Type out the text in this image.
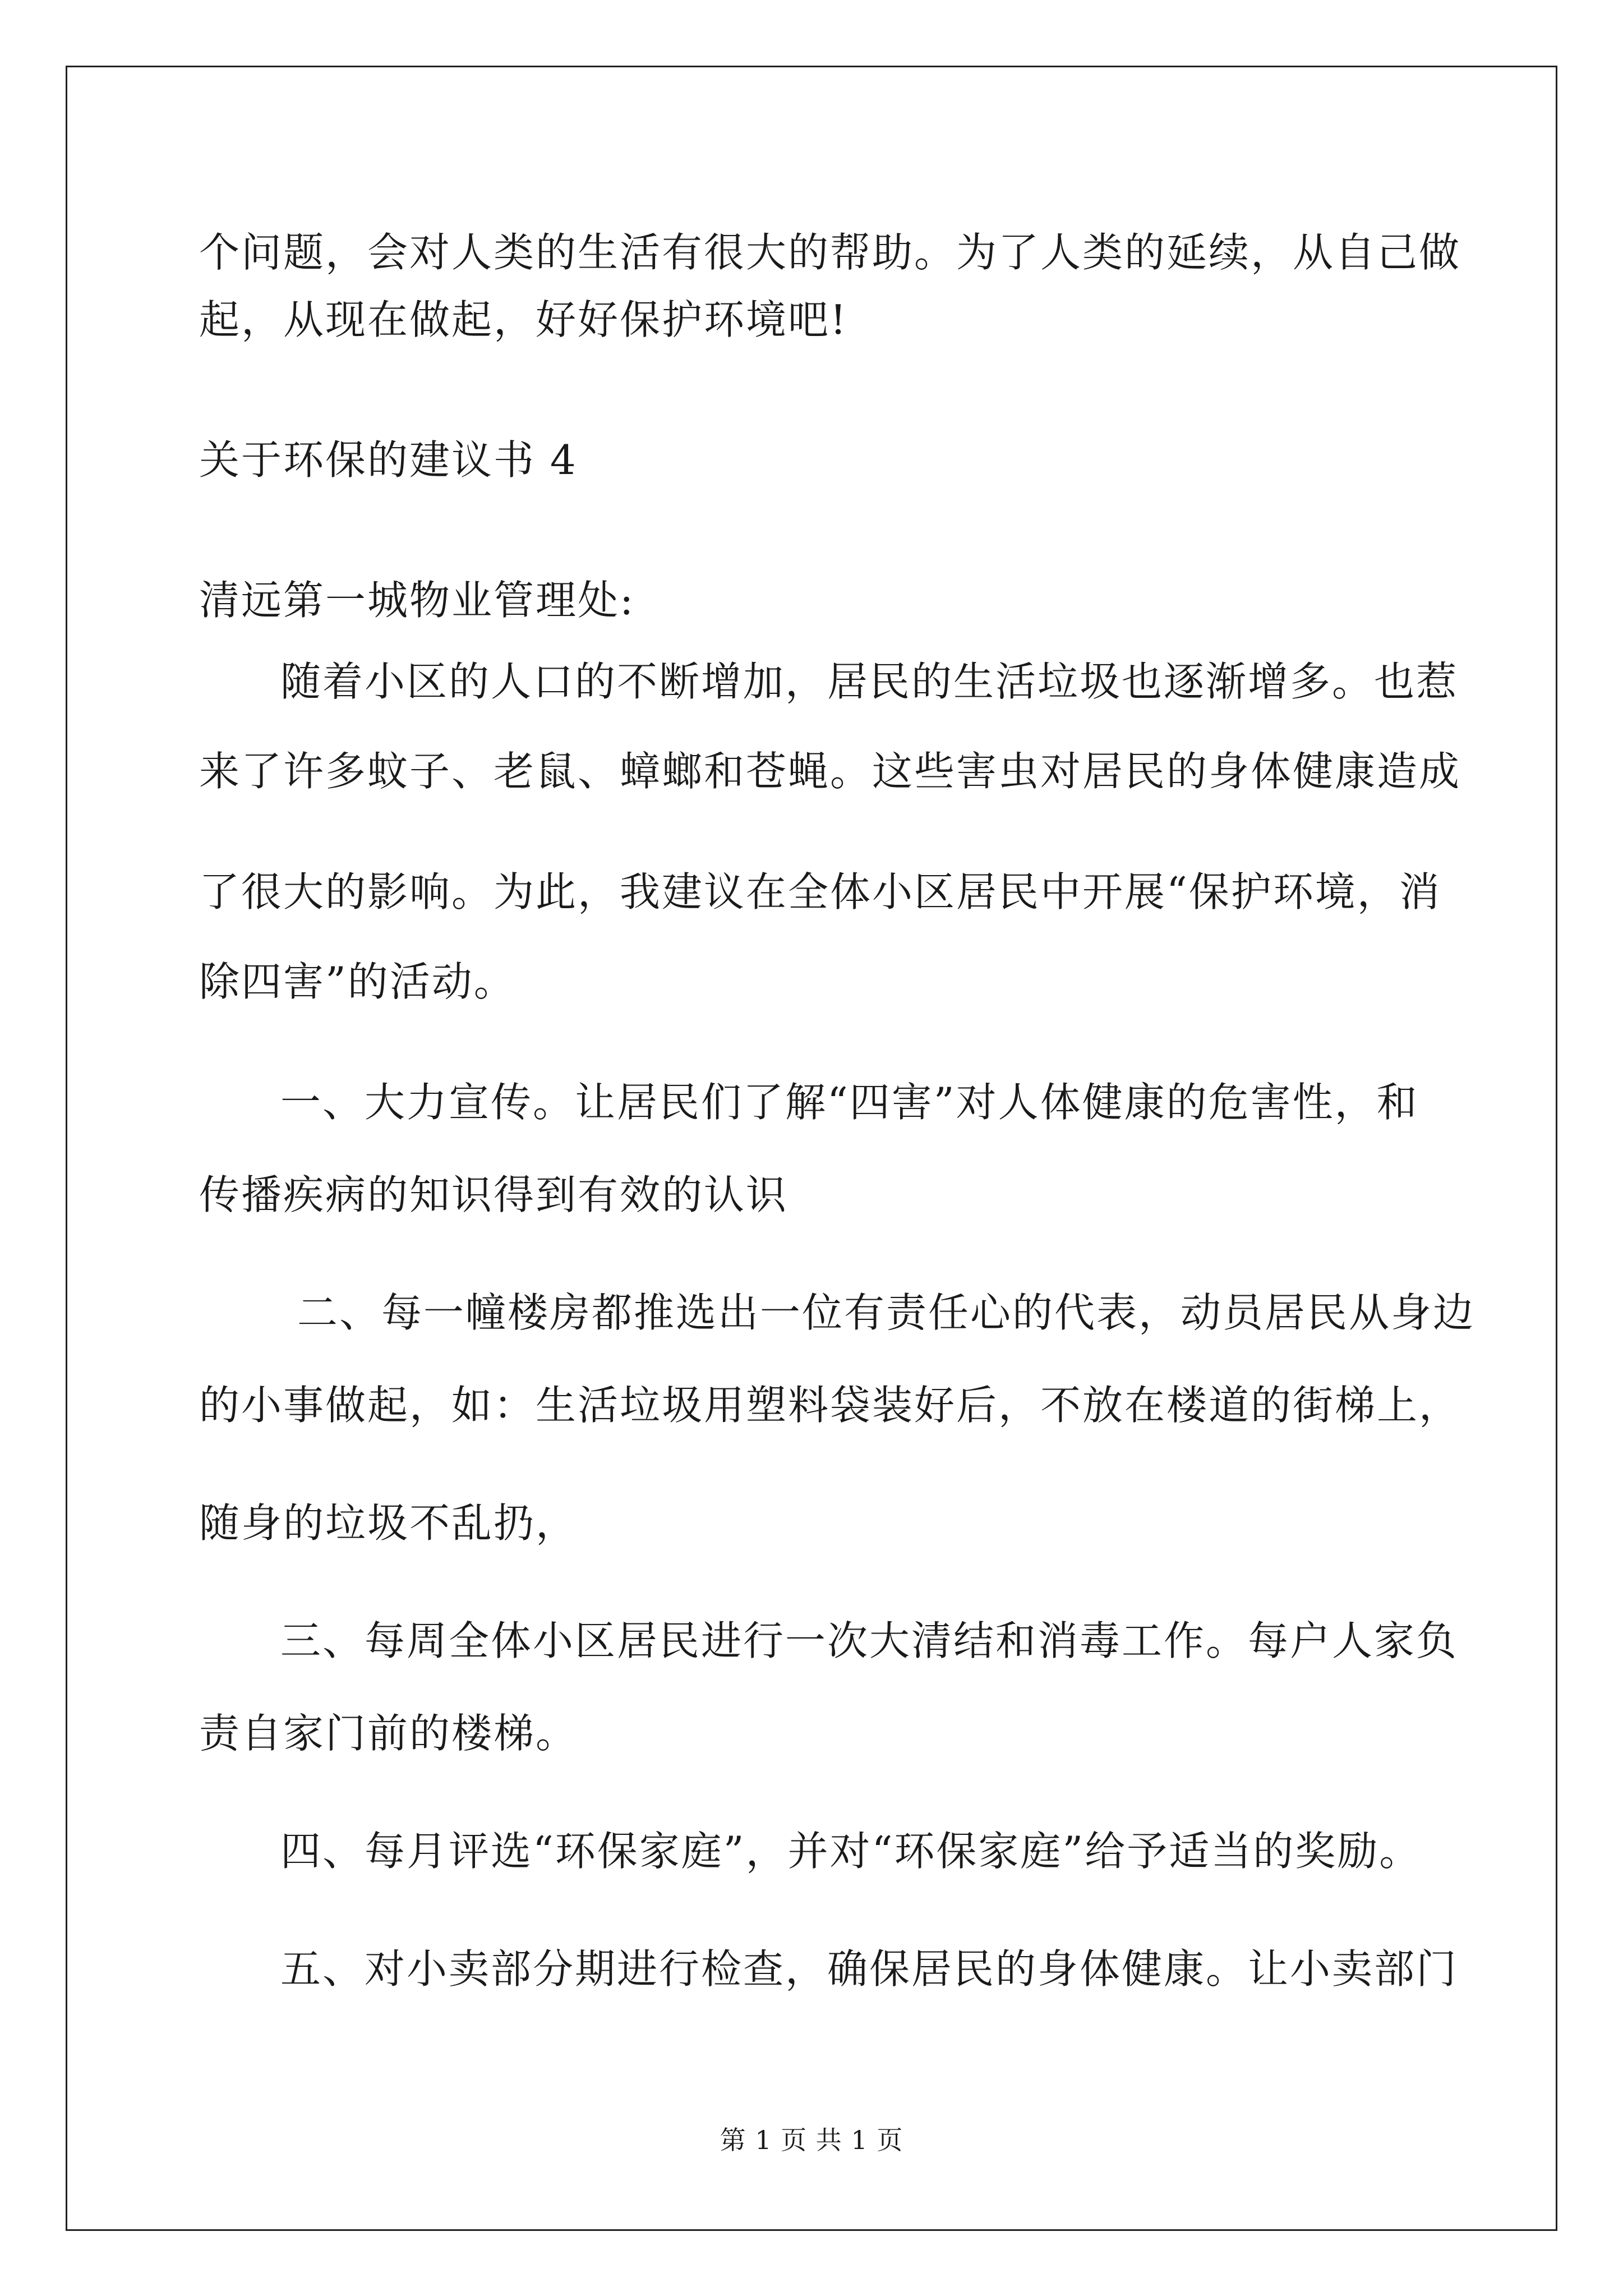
个问题，会对人类的生活有很大的帮助。为了人类的延续，从自己做
起，从现在做起，好好保护环境吧!
关于环保的建议书 4
清远第一城物业管理处:
随着小区的人口的不断增加，居民的生活垃圾也逐渐增多。也惹
来了许多蚊子、老鼠、蟑螂和苍蝇。这些害虫对居民的身体健康造成
了很大的影响。为此，我建议在全体小区居民中开展“保护环境，消
除四害”的活动。
一、大力宣传。让居民们了解“四害”对人体健康的危害性，和
传播疾病的知识得到有效的认识
二、每一幢楼房都推选出一位有责任心的代表，动员居民从身边
的小事做起，如：生活垃圾用塑料袋装好后，不放在楼道的街梯上，
随身的垃圾不乱扔，
三、每周全体小区居民进行一次大清结和消毒工作。每户人家负
责自家门前的楼梯。
四、每月评选“环保家庭”，并对“环保家庭”给予适当的奖励。
五、对小卖部分期进行检查，确保居民的身体健康。让小卖部门
第 1 页 共 1 页
